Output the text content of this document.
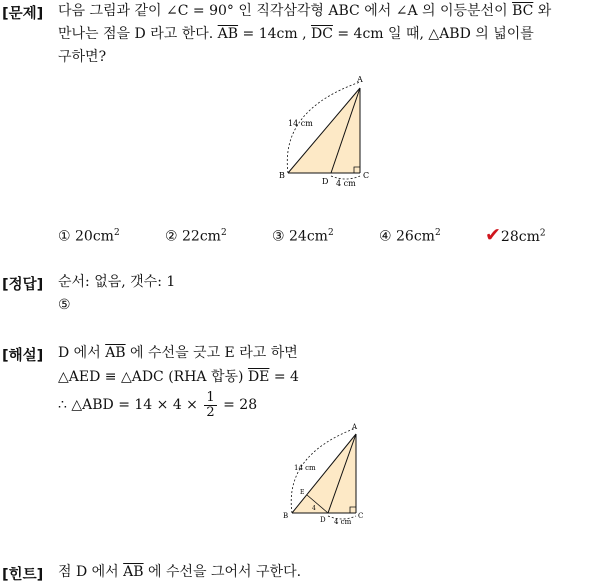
[문제] 다음 그림과 같이 ∠C = 90° 인 직각삼각형 ABC 에서 ∠A 의 이등분선이 $\overline{BC}$ 와
만나는 점을 D 라고 한다. $\overline{AB} = 14cm$ , $\overline{DC} = 4cm$ 일 때, △ABD 의 넓이를
구하면?
A
B	C
D
14 cm
4 cm
① $20cm^2$	② $22cm^2$	③ $24cm^2$	④ $26cm^2$ $✔28cm^2$
[정답] 순서: 없음, 갯수: 1
⑤
[해설] D 에서 $\overline{AB}$ 에 수선을 긋고 E 라고 하면
△AED ≡ △ADC (RHA 합동) $\overline{DE} = 4$
∴ △ABD = $14 \times 4 \times \frac{1}{2} = 28$
A
B	C
D
E
14 cm
4 cm
4
[힌트] 점 D 에서 $\overline{AB}$ 에 수선을 그어서 구한다.
